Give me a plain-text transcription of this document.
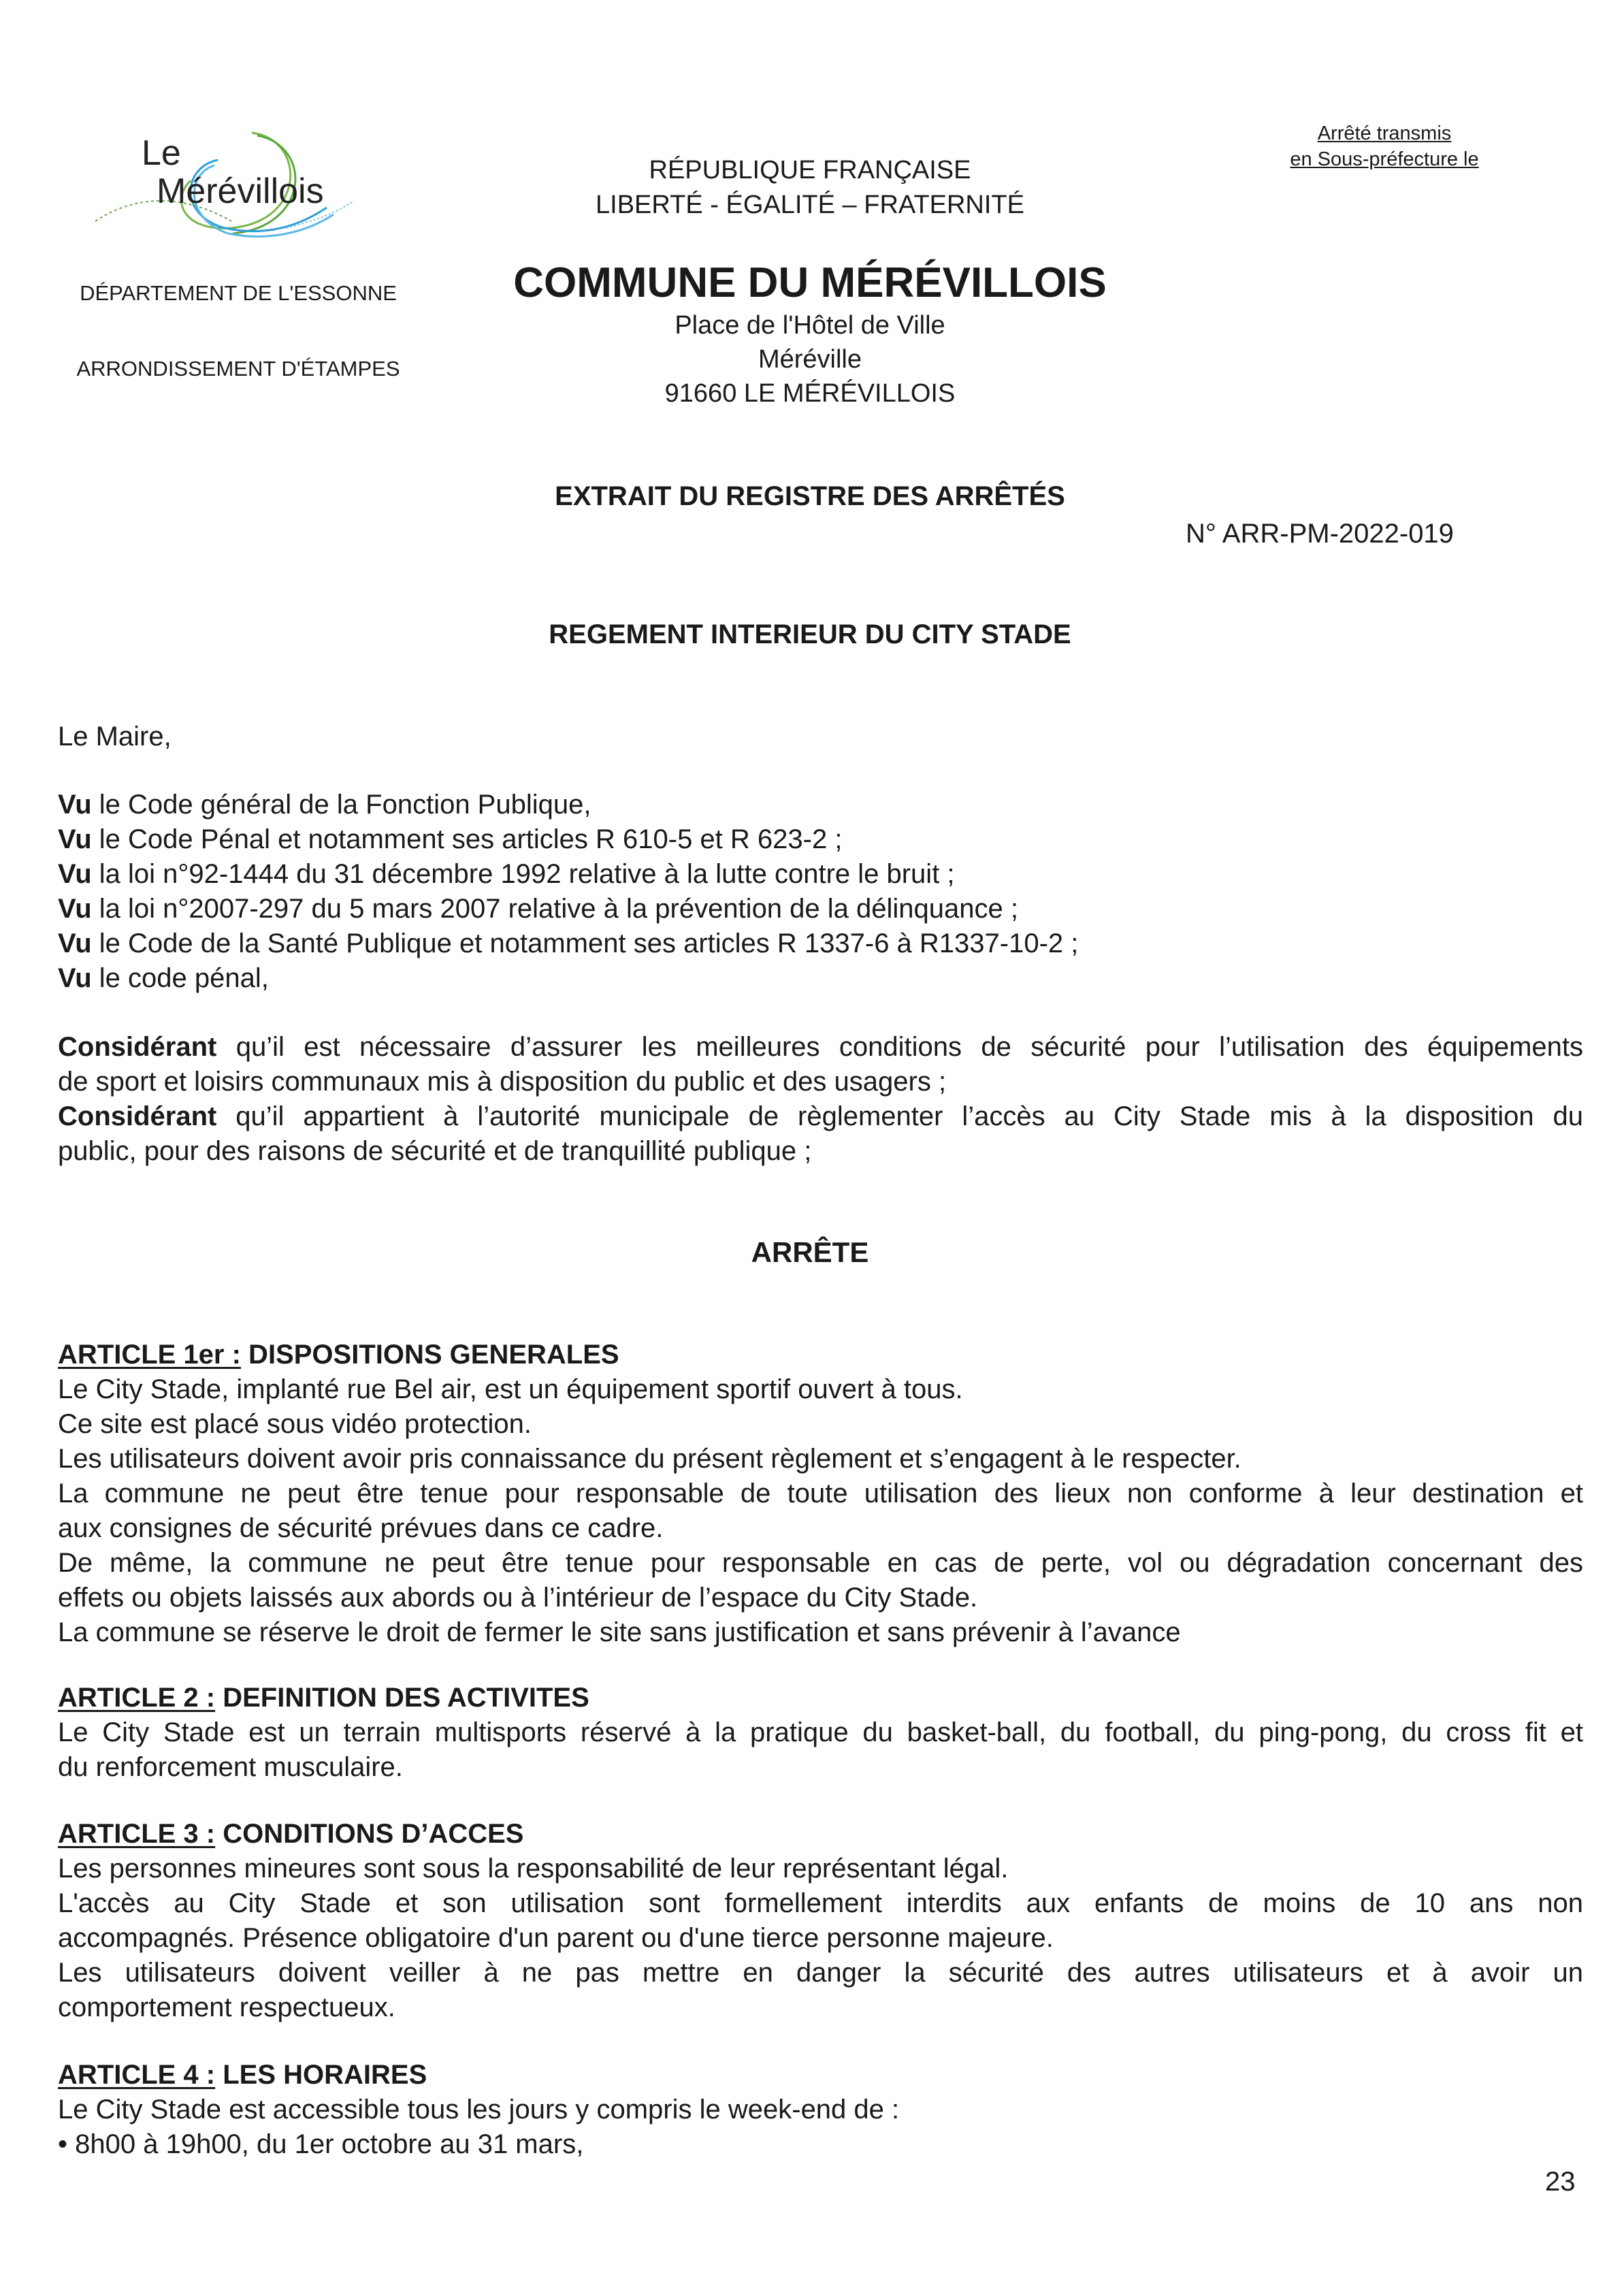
Le
Mérévillois
DÉPARTEMENT DE L'ESSONNE
ARRONDISSEMENT D'ÉTAMPES
RÉPUBLIQUE FRANÇAISE
LIBERTÉ - ÉGALITÉ – FRATERNITÉ
COMMUNE DU MÉRÉVILLOIS
Place de l'Hôtel de Ville
Méréville
91660 LE MÉRÉVILLOIS
Arrêté transmis
en Sous-préfecture le
EXTRAIT DU REGISTRE DES ARRÊTÉS
N° ARR-PM-2022-019
REGEMENT INTERIEUR DU CITY STADE
Le Maire,
Vu le Code général de la Fonction Publique,
Vu le Code Pénal et notamment ses articles R 610-5 et R 623-2 ;
Vu la loi n°92-1444 du 31 décembre 1992 relative à la lutte contre le bruit ;
Vu la loi n°2007-297 du 5 mars 2007 relative à la prévention de la délinquance ;
Vu le Code de la Santé Publique et notamment ses articles R 1337-6 à R1337-10-2 ;
Vu le code pénal,
Considérant qu’il est nécessaire d’assurer les meilleures conditions de sécurité pour l’utilisation des équipements
de sport et loisirs communaux mis à disposition du public et des usagers ;
Considérant qu’il appartient à l’autorité municipale de règlementer l’accès au City Stade mis à la disposition du
public, pour des raisons de sécurité et de tranquillité publique ;
ARRÊTE
ARTICLE 1er : DISPOSITIONS GENERALES
Le City Stade, implanté rue Bel air, est un équipement sportif ouvert à tous.
Ce site est placé sous vidéo protection.
Les utilisateurs doivent avoir pris connaissance du présent règlement et s’engagent à le respecter.
La commune ne peut être tenue pour responsable de toute utilisation des lieux non conforme à leur destination et
aux consignes de sécurité prévues dans ce cadre.
De même, la commune ne peut être tenue pour responsable en cas de perte, vol ou dégradation concernant des
effets ou objets laissés aux abords ou à l’intérieur de l’espace du City Stade.
La commune se réserve le droit de fermer le site sans justification et sans prévenir à l’avance
ARTICLE 2 : DEFINITION DES ACTIVITES
Le City Stade est un terrain multisports réservé à la pratique du basket-ball, du football, du ping-pong, du cross fit et
du renforcement musculaire.
ARTICLE 3 : CONDITIONS D’ACCES
Les personnes mineures sont sous la responsabilité de leur représentant légal.
L'accès au City Stade et son utilisation sont formellement interdits aux enfants de moins de 10 ans non
accompagnés. Présence obligatoire d'un parent ou d'une tierce personne majeure.
Les utilisateurs doivent veiller à ne pas mettre en danger la sécurité des autres utilisateurs et à avoir un
comportement respectueux.
ARTICLE 4 : LES HORAIRES
Le City Stade est accessible tous les jours y compris le week-end de :
• 8h00 à 19h00, du 1er octobre au 31 mars,
23
